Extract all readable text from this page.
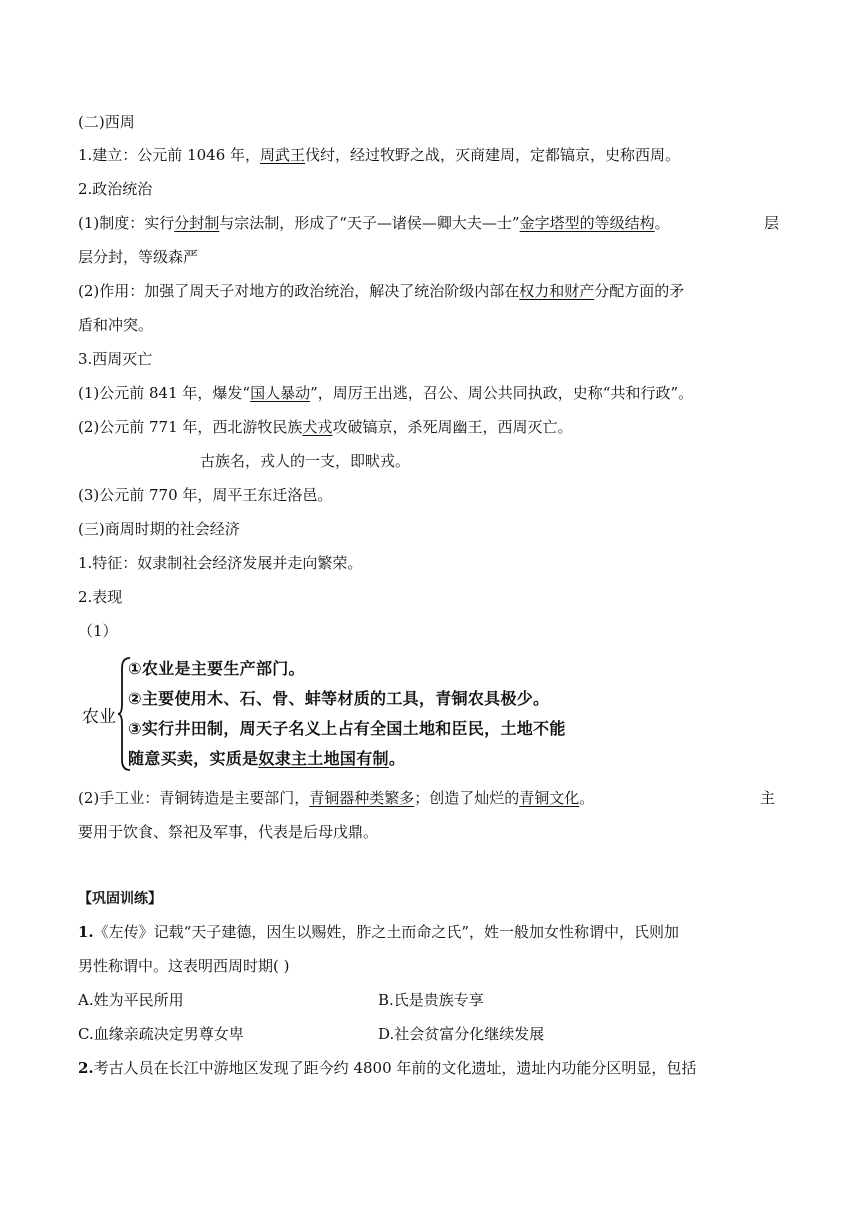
(二)西周
1.建立：公元前 1046 年，周武王伐纣，经过牧野之战，灭商建周，定都镐京，史称西周。
2.政治统治
(1)制度：实行分封制与宗法制，形成了“天子—诸侯—卿大夫—士”金字塔型的等级结构。	层
层分封，等级森严
(2)作用：加强了周天子对地方的政治统治，解决了统治阶级内部在权力和财产分配方面的矛
盾和冲突。
3.西周灭亡
(1)公元前 841 年，爆发“国人暴动”，周厉王出逃，召公、周公共同执政，史称“共和行政”。
(2)公元前 771 年，西北游牧民族犬戎攻破镐京，杀死周幽王，西周灭亡。
古族名，戎人的一支，即畎戎。
(3)公元前 770 年，周平王东迁洛邑。
(三)商周时期的社会经济
1.特征：奴隶制社会经济发展并走向繁荣。
2.表现
（1）
农业
①农业是主要生产部门。
②主要使用木、石、骨、蚌等材质的工具，青铜农具极少。
③实行井田制，周天子名义上占有全国土地和臣民，土地不能
随意买卖，实质是奴隶主土地国有制。
(2)手工业：青铜铸造是主要部门，青铜器种类繁多；创造了灿烂的青铜文化。	主
要用于饮食、祭祀及军事，代表是后母戊鼎。
【巩固训练】
1.《左传》记载“天子建德，因生以赐姓，胙之土而命之氏”，姓一般加女性称谓中，氏则加
男性称谓中。这表明西周时期( )
A.姓为平民所用	B.氏是贵族专享
C.血缘亲疏决定男尊女卑	D.社会贫富分化继续发展
2.考古人员在长江中游地区发现了距今约 4800 年前的文化遗址，遗址内功能分区明显，包括
